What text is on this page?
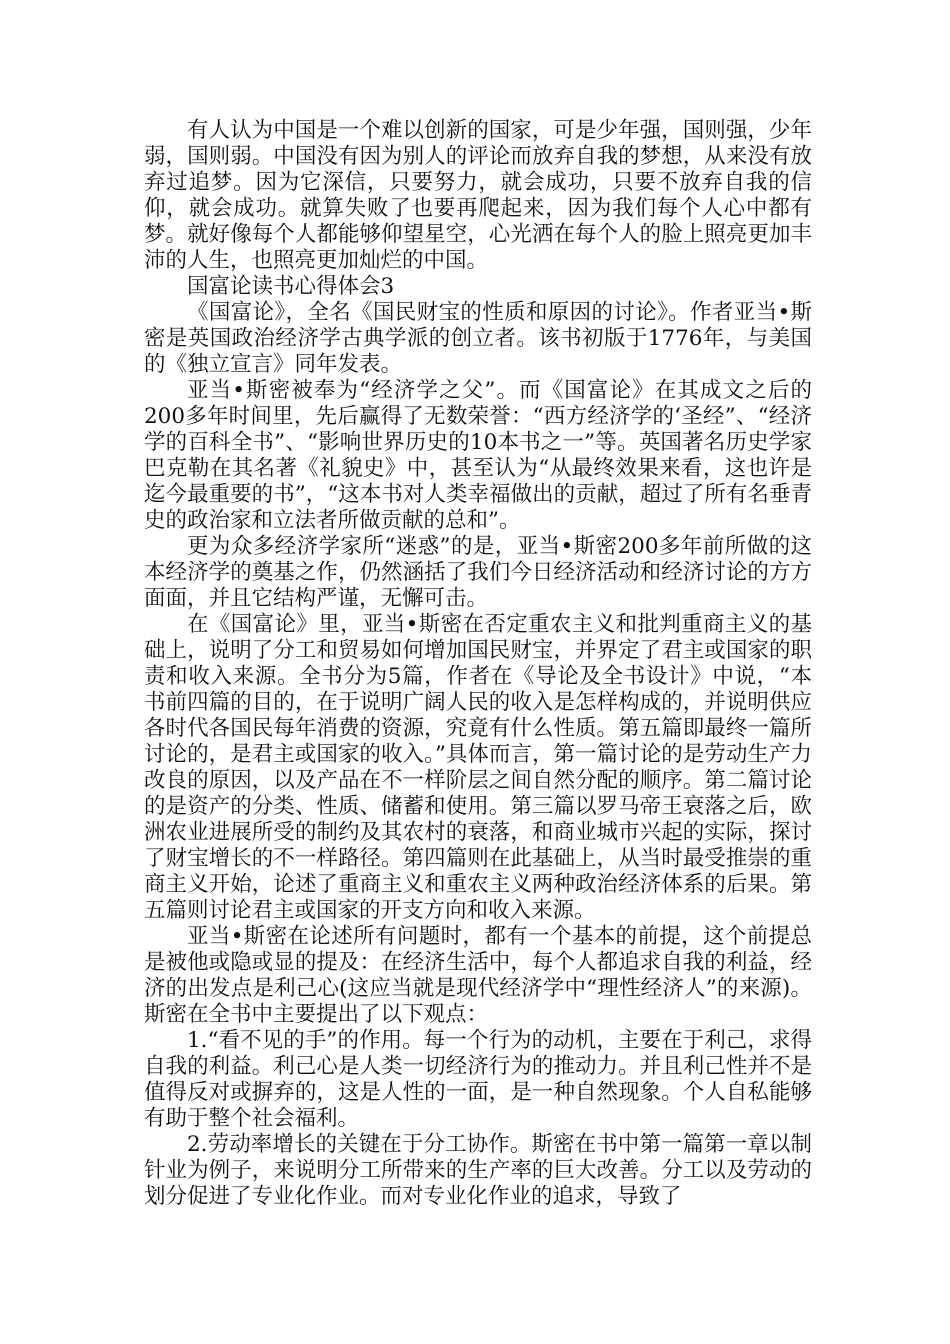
有人认为中国是一个难以创新的国家，可是少年强，国则强，少年弱，国则弱。中国没有因为别人的评论而放弃自我的梦想，从来没有放弃过追梦。因为它深信，只要努力，就会成功，只要不放弃自我的信仰，就会成功。就算失败了也要再爬起来，因为我们每个人心中都有梦。就好像每个人都能够仰望星空，心光洒在每个人的脸上照亮更加丰沛的人生，也照亮更加灿烂的中国。

国富论读书心得体会3

《国富论》，全名《国民财宝的性质和原因的讨论》。作者亚当•斯密是英国政治经济学古典学派的创立者。该书初版于1776年，与美国的《独立宣言》同年发表。

亚当•斯密被奉为“经济学之父”。而《国富论》在其成文之后的200多年时间里，先后赢得了无数荣誉：“西方经济学的‘圣经”、“经济学的百科全书”、“影响世界历史的10本书之一”等。英国著名历史学家巴克勒在其名著《礼貌史》中，甚至认为“从最终效果来看，这也许是迄今最重要的书”，“这本书对人类幸福做出的贡献，超过了所有名垂青史的政治家和立法者所做贡献的总和”。

更为众多经济学家所“迷惑”的是，亚当•斯密200多年前所做的这本经济学的奠基之作，仍然涵括了我们今日经济活动和经济讨论的方方面面，并且它结构严谨，无懈可击。

在《国富论》里，亚当•斯密在否定重农主义和批判重商主义的基础上，说明了分工和贸易如何增加国民财宝，并界定了君主或国家的职责和收入来源。全书分为5篇，作者在《导论及全书设计》中说，“本书前四篇的目的，在于说明广阔人民的收入是怎样构成的，并说明供应各时代各国民每年消费的资源，究竟有什么性质。第五篇即最终一篇所讨论的，是君主或国家的收入。”具体而言，第一篇讨论的是劳动生产力改良的原因，以及产品在不一样阶层之间自然分配的顺序。第二篇讨论的是资产的分类、性质、储蓄和使用。第三篇以罗马帝王衰落之后，欧洲农业进展所受的制约及其农村的衰落，和商业城市兴起的实际，探讨了财宝增长的不一样路径。第四篇则在此基础上，从当时最受推崇的重商主义开始，论述了重商主义和重农主义两种政治经济体系的后果。第五篇则讨论君主或国家的开支方向和收入来源。

亚当•斯密在论述所有问题时，都有一个基本的前提，这个前提总是被他或隐或显的提及：在经济生活中，每个人都追求自我的利益，经济的出发点是利己心(这应当就是现代经济学中“理性经济人”的来源)。斯密在全书中主要提出了以下观点：

1.“看不见的手”的作用。每一个行为的动机，主要在于利己，求得自我的利益。利己心是人类一切经济行为的推动力。并且利己性并不是值得反对或摒弃的，这是人性的一面，是一种自然现象。个人自私能够有助于整个社会福利。

2.劳动率增长的关键在于分工协作。斯密在书中第一篇第一章以制针业为例子，来说明分工所带来的生产率的巨大改善。分工以及劳动的划分促进了专业化作业。而对专业化作业的追求，导致了
